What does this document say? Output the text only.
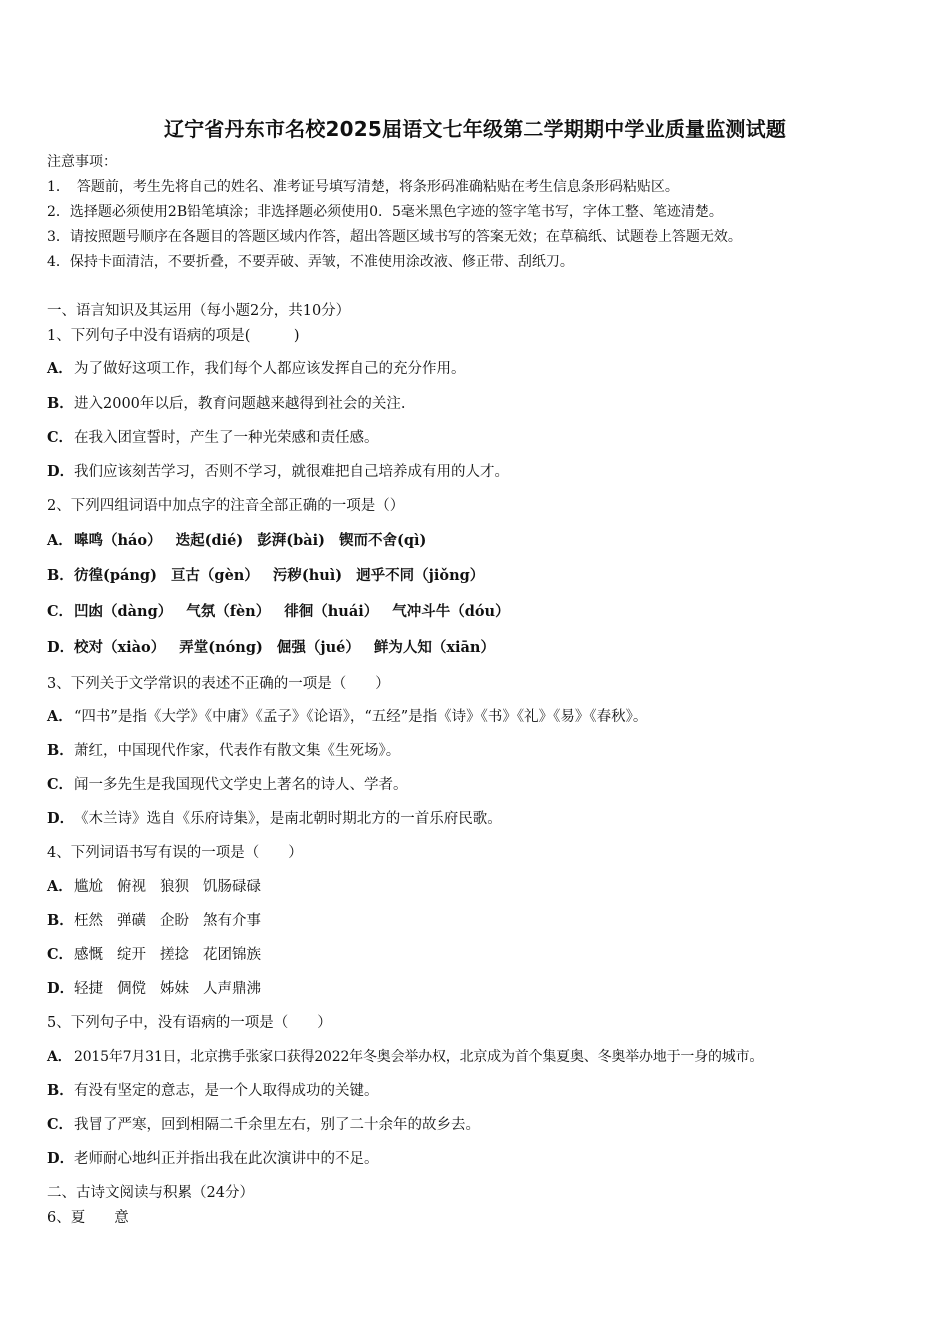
辽宁省丹东市名校2025届语文七年级第二学期期中学业质量监测试题
注意事项：
1．　答题前，考生先将自己的姓名、准考证号填写清楚，将条形码准确粘贴在考生信息条形码粘贴区。
2．选择题必须使用2B铅笔填涂；非选择题必须使用0．5毫米黑色字迹的签字笔书写，字体工整、笔迹清楚。
3．请按照题号顺序在各题目的答题区域内作答，超出答题区域书写的答案无效；在草稿纸、试题卷上答题无效。
4．保持卡面清洁，不要折叠，不要弄破、弄皱，不准使用涂改液、修正带、刮纸刀。
一、语言知识及其运用（每小题2分，共10分）
1、下列句子中没有语病的项是(　　　)
A．为了做好这项工作，我们每个人都应该发挥自己的充分作用。
B．进入2000年以后，教育问题越来越得到社会的关注.
C．在我入团宣誓时，产生了一种光荣感和责任感。
D．我们应该刻苦学习，否则不学习，就很难把自己培养成有用的人才。
2、下列四组词语中加点字的注音全部正确的一项是（）
A．嗥鸣（háo） 迭起(dié) 彭湃(bài) 锲而不舍(qì)
B．彷徨(páng) 亘古（gèn） 污秽(huì) 迥乎不同（jiǒng）
C．凹凼（dàng） 气氛（fèn） 徘徊（huái） 气冲斗牛（dóu）
D．校对（xiào） 弄堂(nóng) 倔强（jué） 鲜为人知（xiān）
3、下列关于文学常识的表述不正确的一项是（　　）
A．“四书”是指《大学》《中庸》《孟子》《论语》，“五经”是指《诗》《书》《礼》《易》《春秋》。
B．萧红，中国现代作家，代表作有散文集《生死场》。
C．闻一多先生是我国现代文学史上著名的诗人、学者。
D．《木兰诗》选自《乐府诗集》，是南北朝时期北方的一首乐府民歌。
4、下列词语书写有误的一项是（　　）
A．尴尬 俯视 狼狈 饥肠碌碌
B．枉然 弹磺 企盼 煞有介事
C．感慨 绽开 搓捻 花团锦族
D．轻捷 倜傥 姊妹 人声鼎沸
5、下列句子中，没有语病的一项是（　　）
A． 2015年7月31日，北京携手张家口获得2022年冬奥会举办权，北京成为首个集夏奥、冬奥举办地于一身的城市。
B．有没有坚定的意志，是一个人取得成功的关键。
C．我冒了严寒，回到相隔二千余里左右，别了二十余年的故乡去。
D．老师耐心地纠正并指出我在此次演讲中的不足。
二、古诗文阅读与积累（24分）
6、夏　　意
